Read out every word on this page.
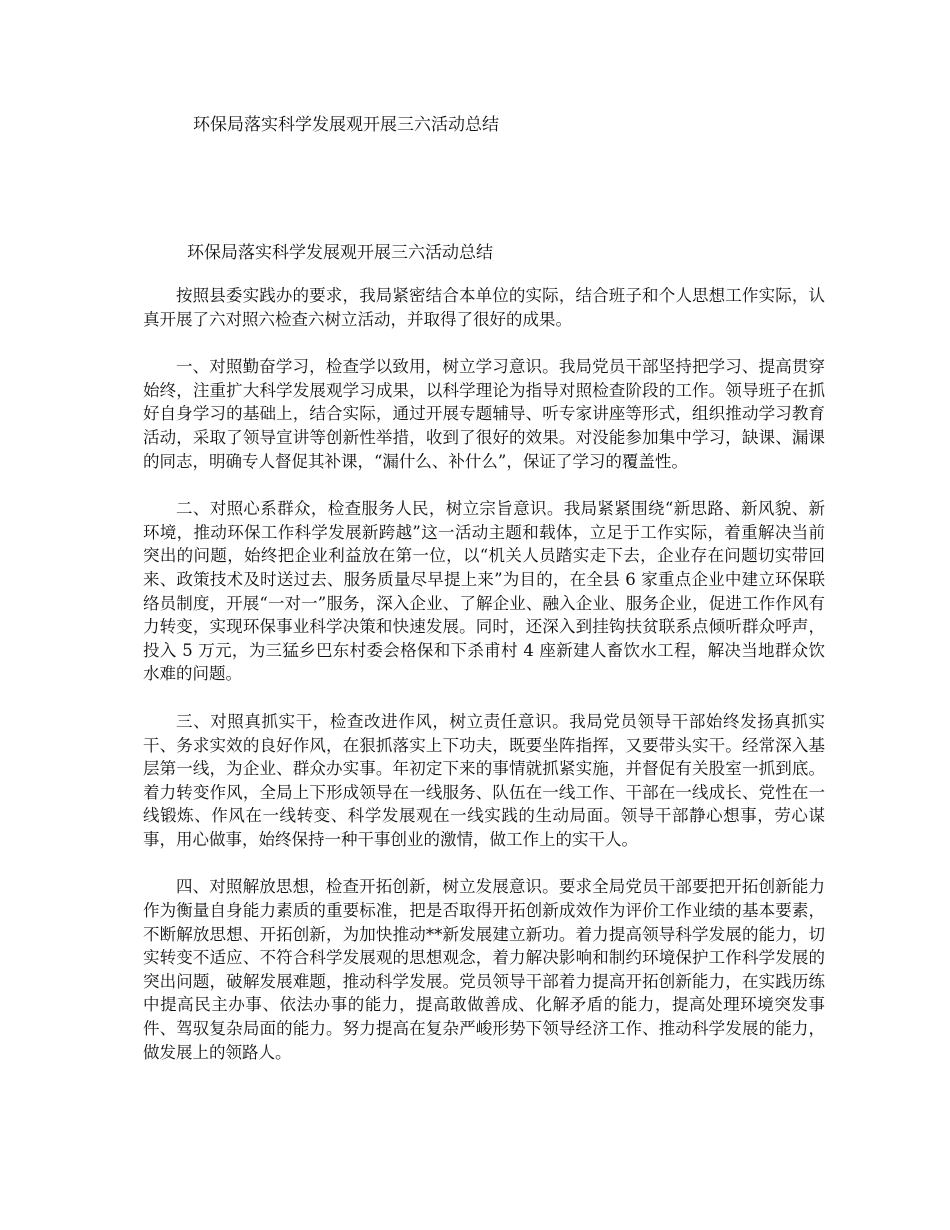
环保局落实科学发展观开展三六活动总结
环保局落实科学发展观开展三六活动总结

按照县委实践办的要求，我局紧密结合本单位的实际，结合班子和个人思想工作实际，认真开展了六对照六检查六树立活动，并取得了很好的成果。

一、对照勤奋学习，检查学以致用，树立学习意识。我局党员干部坚持把学习、提高贯穿始终，注重扩大科学发展观学习成果，以科学理论为指导对照检查阶段的工作。领导班子在抓好自身学习的基础上，结合实际，通过开展专题辅导、听专家讲座等形式，组织推动学习教育活动，采取了领导宣讲等创新性举措，收到了很好的效果。对没能参加集中学习，缺课、漏课的同志，明确专人督促其补课，“漏什么、补什么”，保证了学习的覆盖性。

二、对照心系群众，检查服务人民，树立宗旨意识。我局紧紧围绕“新思路、新风貌、新环境，推动环保工作科学发展新跨越”这一活动主题和载体，立足于工作实际，着重解决当前突出的问题，始终把企业利益放在第一位，以“机关人员踏实走下去，企业存在问题切实带回来、政策技术及时送过去、服务质量尽早提上来”为目的，在全县 6 家重点企业中建立环保联络员制度，开展“一对一”服务，深入企业、了解企业、融入企业、服务企业，促进工作作风有力转变，实现环保事业科学决策和快速发展。同时，还深入到挂钩扶贫联系点倾听群众呼声，投入 5 万元，为三猛乡巴东村委会格保和下杀甫村 4 座新建人畜饮水工程，解决当地群众饮水难的问题。

三、对照真抓实干，检查改进作风，树立责任意识。我局党员领导干部始终发扬真抓实干、务求实效的良好作风，在狠抓落实上下功夫，既要坐阵指挥，又要带头实干。经常深入基层第一线，为企业、群众办实事。年初定下来的事情就抓紧实施，并督促有关股室一抓到底。着力转变作风，全局上下形成领导在一线服务、队伍在一线工作、干部在一线成长、党性在一线锻炼、作风在一线转变、科学发展观在一线实践的生动局面。领导干部静心想事，劳心谋事，用心做事，始终保持一种干事创业的激情，做工作上的实干人。

四、对照解放思想，检查开拓创新，树立发展意识。要求全局党员干部要把开拓创新能力作为衡量自身能力素质的重要标准，把是否取得开拓创新成效作为评价工作业绩的基本要素，不断解放思想、开拓创新，为加快推动**新发展建立新功。着力提高领导科学发展的能力，切实转变不适应、不符合科学发展观的思想观念，着力解决影响和制约环境保护工作科学发展的突出问题，破解发展难题，推动科学发展。党员领导干部着力提高开拓创新能力，在实践历练中提高民主办事、依法办事的能力，提高敢做善成、化解矛盾的能力，提高处理环境突发事件、驾驭复杂局面的能力。努力提高在复杂严峻形势下领导经济工作、推动科学发展的能力，做发展上的领路人。
